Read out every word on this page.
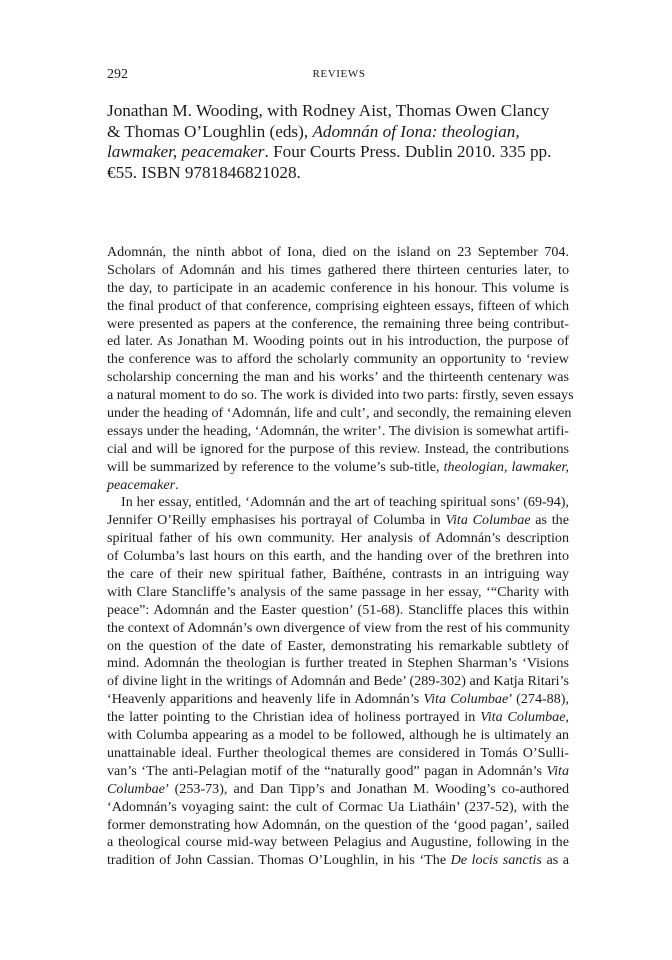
292	REVIEWS
Jonathan M. Wooding, with Rodney Aist, Thomas Owen Clancy & Thomas O’Loughlin (eds), Adomnán of Iona: theologian, lawmaker, peacemaker. Four Courts Press. Dublin 2010. 335 pp. €55. ISBN 9781846821028.
Adomnán, the ninth abbot of Iona, died on the island on 23 September 704.
Scholars of Adomnán and his times gathered there thirteen centuries later, to
the day, to participate in an academic conference in his honour. This volume is
the final product of that conference, comprising eighteen essays, fifteen of which
were presented as papers at the conference, the remaining three being contribut-
ed later. As Jonathan M. Wooding points out in his introduction, the purpose of
the conference was to afford the scholarly community an opportunity to ‘review
scholarship concerning the man and his works’ and the thirteenth centenary was
a natural moment to do so. The work is divided into two parts: firstly, seven essays
under the heading of ‘Adomnán, life and cult’, and secondly, the remaining eleven
essays under the heading, ‘Adomnán, the writer’. The division is somewhat artifi-
cial and will be ignored for the purpose of this review. Instead, the contributions
will be summarized by reference to the volume’s sub-title, theologian, lawmaker,
peacemaker.
In her essay, entitled, ‘Adomnán and the art of teaching spiritual sons’ (69-94),
Jennifer O’Reilly emphasises his portrayal of Columba in Vita Columbae as the
spiritual father of his own community. Her analysis of Adomnán’s description
of Columba’s last hours on this earth, and the handing over of the brethren into
the care of their new spiritual father, Baíthéne, contrasts in an intriguing way
with Clare Stancliffe’s analysis of the same passage in her essay, ‘“Charity with
peace”: Adomnán and the Easter question’ (51-68). Stancliffe places this within
the context of Adomnán’s own divergence of view from the rest of his community
on the question of the date of Easter, demonstrating his remarkable subtlety of
mind. Adomnán the theologian is further treated in Stephen Sharman’s ‘Visions
of divine light in the writings of Adomnán and Bede’ (289-302) and Katja Ritari’s
‘Heavenly apparitions and heavenly life in Adomnán’s Vita Columbae’ (274-88),
the latter pointing to the Christian idea of holiness portrayed in Vita Columbae,
with Columba appearing as a model to be followed, although he is ultimately an
unattainable ideal. Further theological themes are considered in Tomás O’Sulli-
van’s ‘The anti-Pelagian motif of the “naturally good” pagan in Adomnán’s Vita
Columbae’ (253-73), and Dan Tipp’s and Jonathan M. Wooding’s co-authored
‘Adomnán’s voyaging saint: the cult of Cormac Ua Liatháin’ (237-52), with the
former demonstrating how Adomnán, on the question of the ‘good pagan’, sailed
a theological course mid-way between Pelagius and Augustine, following in the
tradition of John Cassian. Thomas O’Loughlin, in his ‘The De locis sanctis as a
